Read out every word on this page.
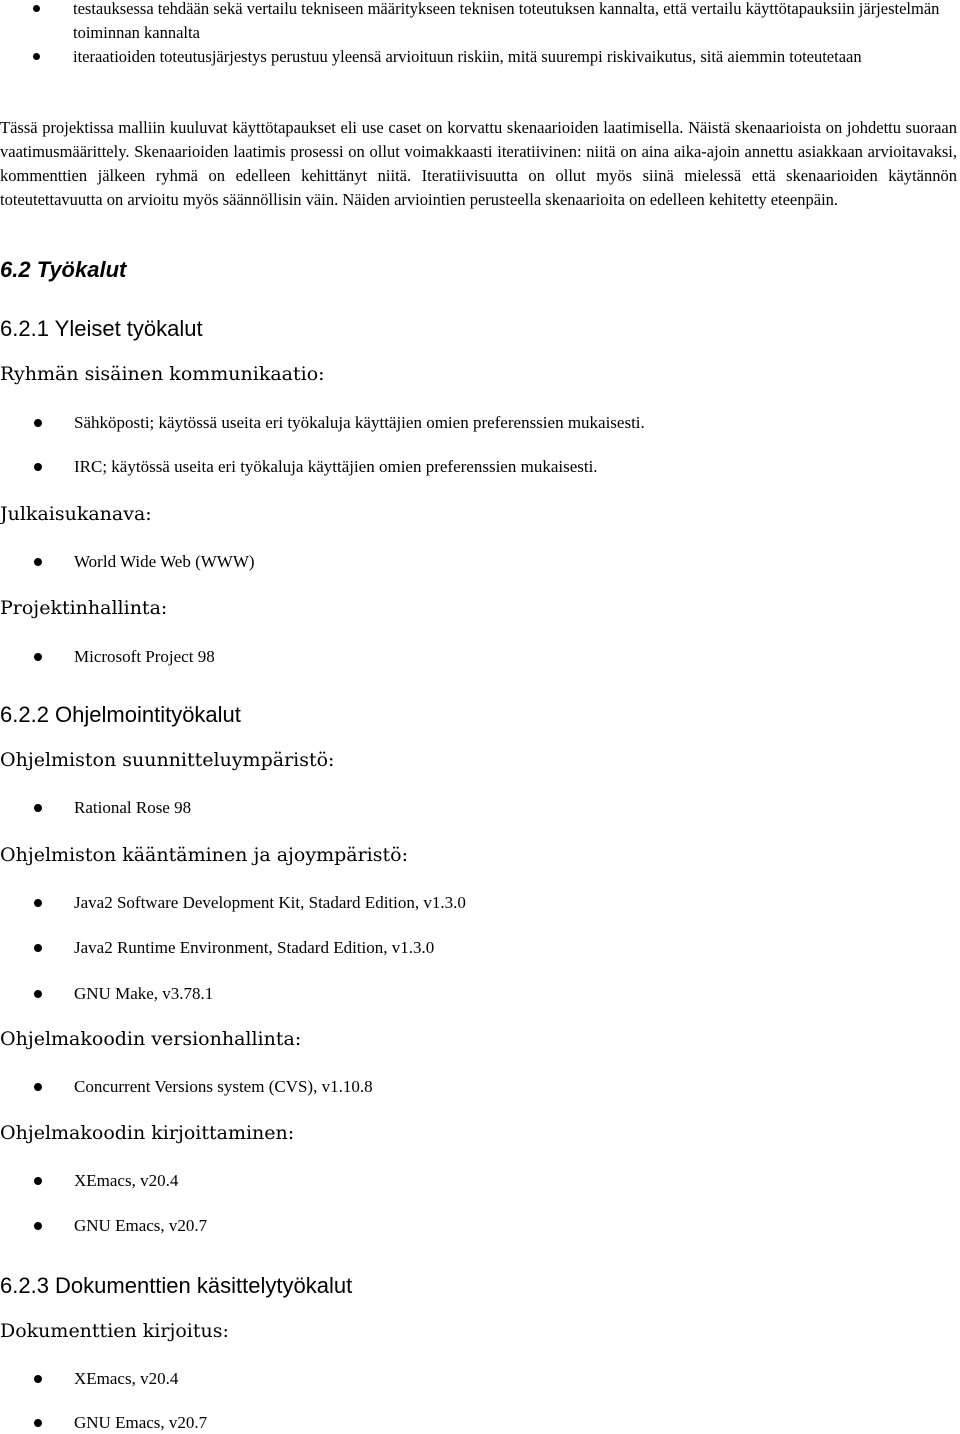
testauksessa tehdään sekä vertailu tekniseen määritykseen teknisen toteutuksen kannalta, että vertailu käyttötapauksiin järjestelmän toiminnan kannalta
iteraatioiden toteutusjärjestys perustuu yleensä arvioituun riskiin, mitä suurempi riskivaikutus, sitä aiemmin toteutetaan
Tässä projektissa malliin kuuluvat käyttötapaukset eli use caset on korvattu skenaarioiden laatimisella. Näistä skenaarioista on johdettu suoraan vaatimusmäärittely. Skenaarioiden laatimis prosessi on ollut voimakkaasti iteratiivinen: niitä on aina aika-ajoin annettu asiakkaan arvioitavaksi, kommenttien jälkeen ryhmä on edelleen kehittänyt niitä. Iteratiivisuutta on ollut myös siinä mielessä että skenaarioiden käytännön toteutettavuutta on arvioitu myös säännöllisin väin. Näiden arviointien perusteella skenaarioita on edelleen kehitetty eteenpäin.
6.2 Työkalut
6.2.1 Yleiset työkalut
Ryhmän sisäinen kommunikaatio:
Sähköposti; käytössä useita eri työkaluja käyttäjien omien preferenssien mukaisesti.
IRC; käytössä useita eri työkaluja käyttäjien omien preferenssien mukaisesti.
Julkaisukanava:
World Wide Web (WWW)
Projektinhallinta:
Microsoft Project 98
6.2.2 Ohjelmointityökalut
Ohjelmiston suunnitteluympäristö:
Rational Rose 98
Ohjelmiston kääntäminen ja ajoympäristö:
Java2 Software Development Kit, Stadard Edition, v1.3.0
Java2 Runtime Environment, Stadard Edition, v1.3.0
GNU Make, v3.78.1
Ohjelmakoodin versionhallinta:
Concurrent Versions system (CVS), v1.10.8
Ohjelmakoodin kirjoittaminen:
XEmacs, v20.4
GNU Emacs, v20.7
6.2.3 Dokumenttien käsittelytyökalut
Dokumenttien kirjoitus:
XEmacs, v20.4
GNU Emacs, v20.7
